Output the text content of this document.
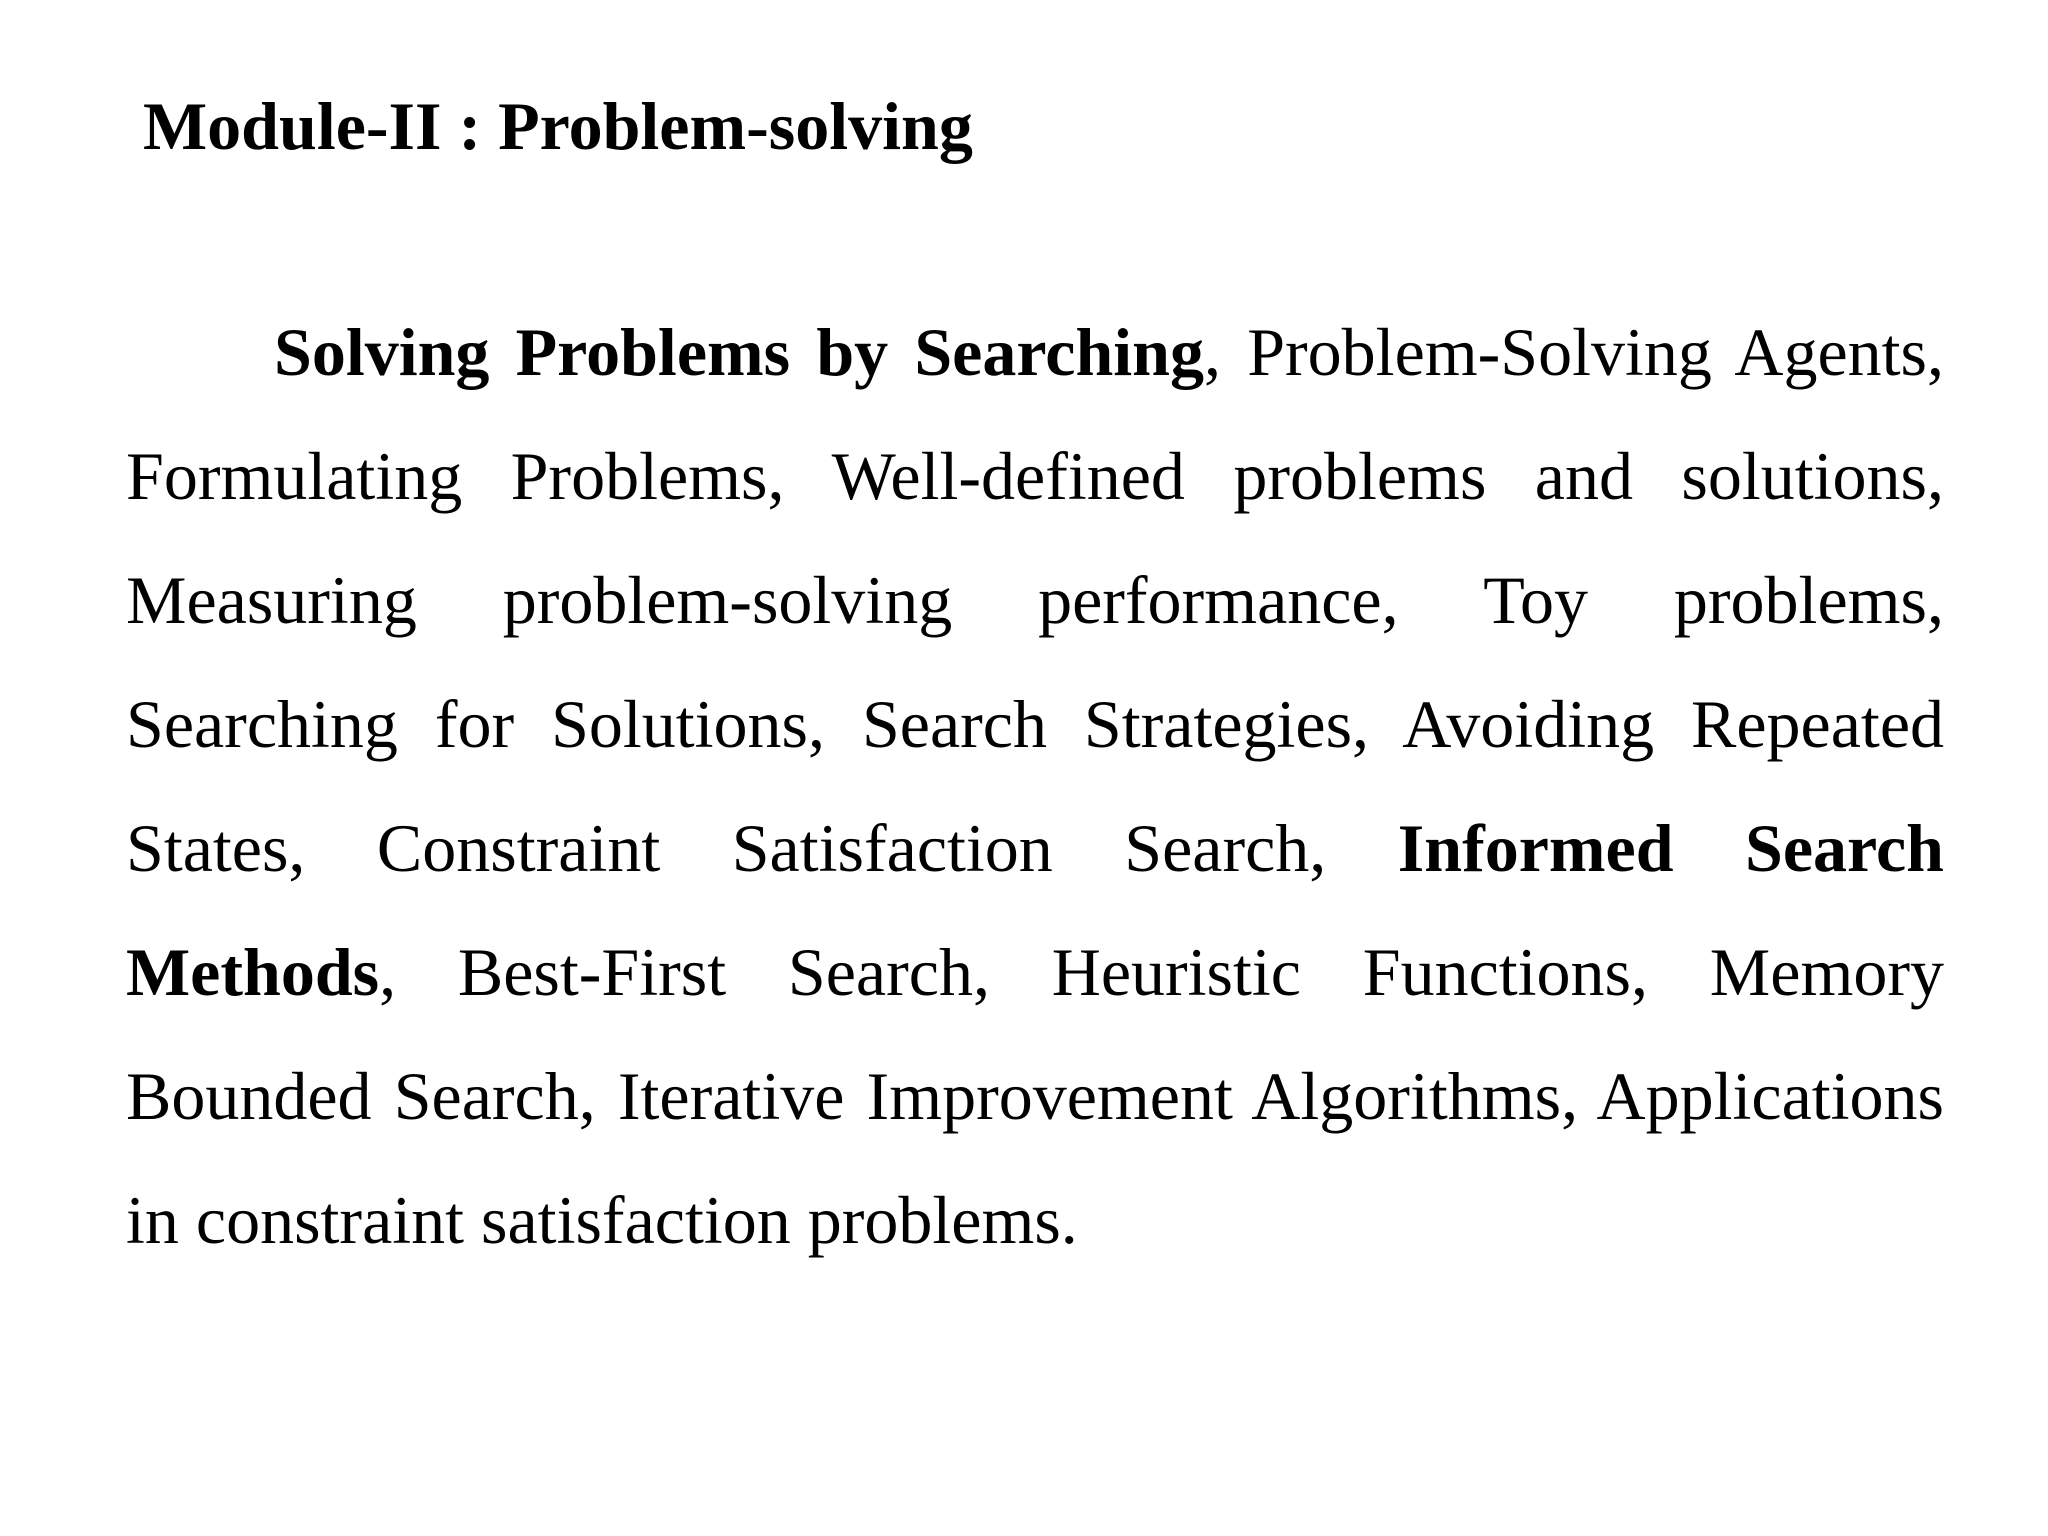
Module-II : Problem-solving

Solving Problems by Searching, Problem-Solving Agents, Formulating Problems, Well-defined problems and solutions, Measuring problem-solving performance, Toy problems, Searching for Solutions, Search Strategies, Avoiding Repeated States, Constraint Satisfaction Search, Informed Search Methods, Best-First Search, Heuristic Functions, Memory Bounded Search, Iterative Improvement Algorithms, Applications in constraint satisfaction problems.
